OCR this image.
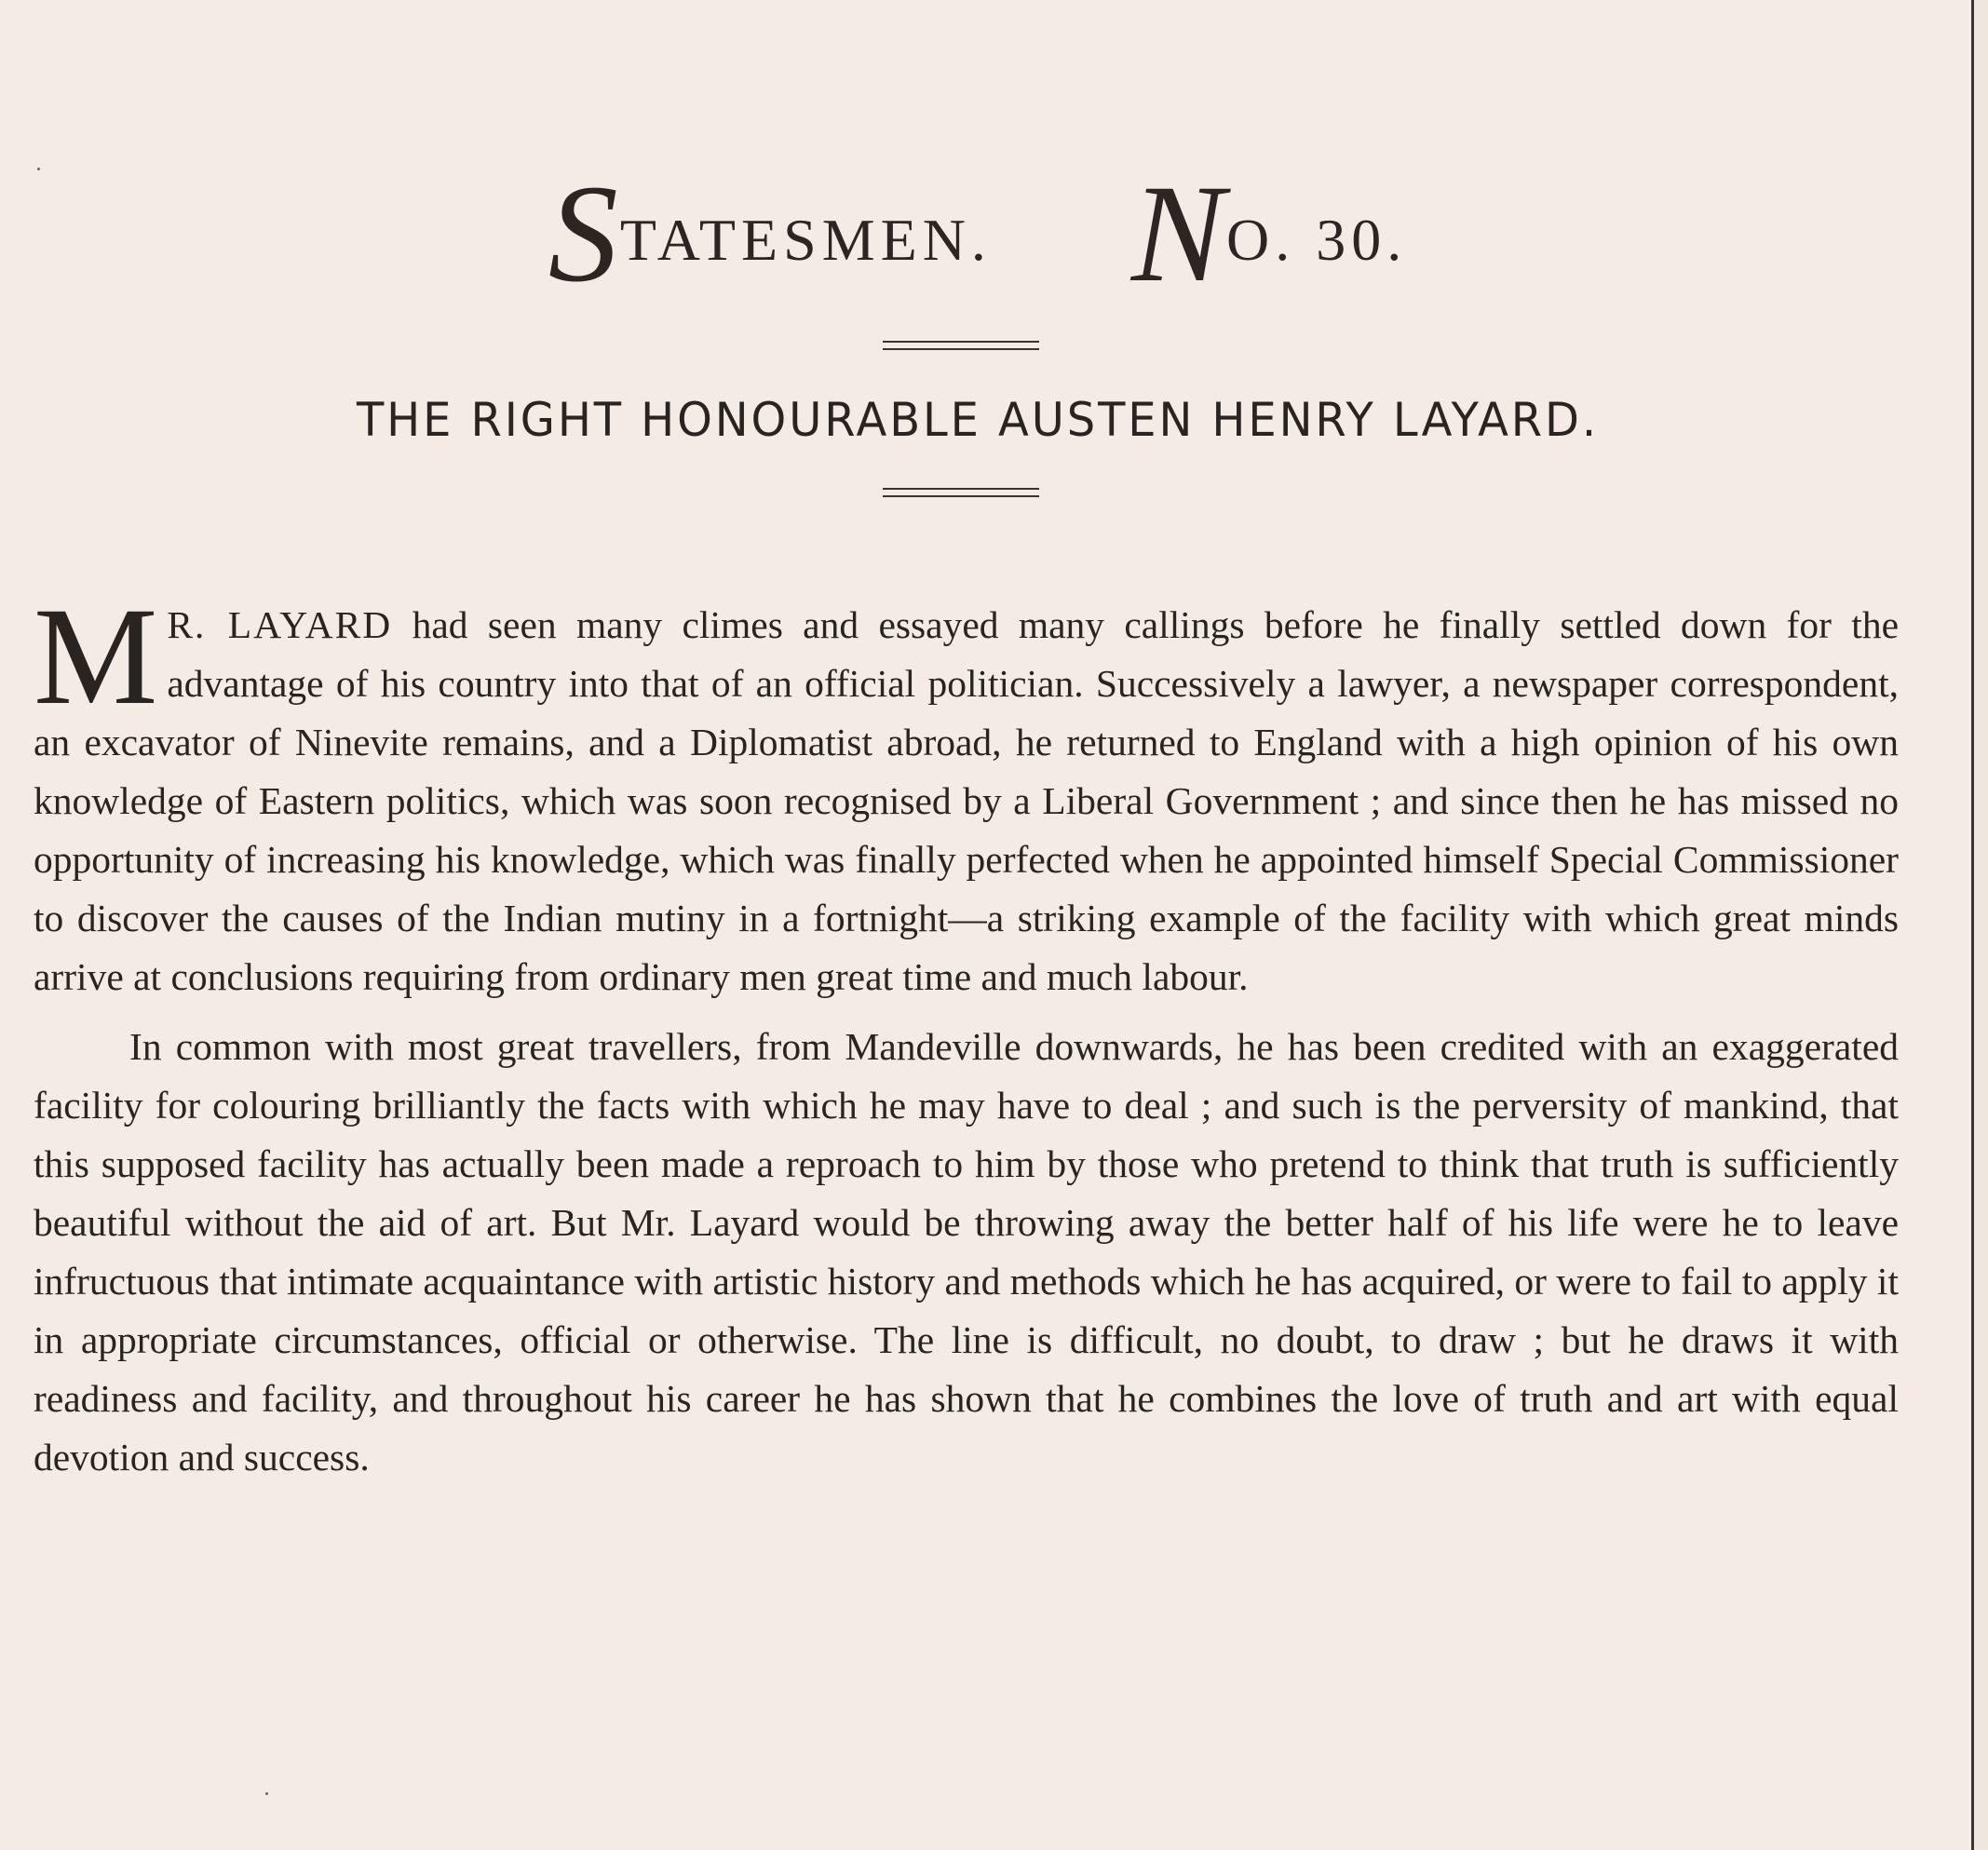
STATESMEN. NO. 30.
THE RIGHT HONOURABLE AUSTEN HENRY LAYARD.

M R. LAYARD had seen many climes and essayed many callings before he finally settled down for the advantage of his country into that of an official politician. Successively a lawyer, a newspaper correspondent, an excavator of Ninevite remains, and a Diplomatist abroad, he returned to England with a high opinion of his own knowledge of Eastern politics, which was soon recognised by a Liberal Government ; and since then he has missed no opportunity of increasing his knowledge, which was finally perfected when he appointed himself Special Commissioner to discover the causes of the Indian mutiny in a fortnight—a striking example of the facility with which great minds arrive at conclusions requiring from ordinary men great time and much labour.

In common with most great travellers, from Mandeville downwards, he has been credited with an exaggerated facility for colouring brilliantly the facts with which he may have to deal ; and such is the perversity of mankind, that this supposed facility has actually been made a reproach to him by those who pretend to think that truth is sufficiently beautiful without the aid of art. But Mr. Layard would be throwing away the better half of his life were he to leave infructuous that intimate acquaintance with artistic history and methods which he has acquired, or were to fail to apply it in appropriate circumstances, official or otherwise. The line is difficult, no doubt, to draw ; but he draws it with readiness and facility, and throughout his career he has shown that he combines the love of truth and art with equal devotion and success.
